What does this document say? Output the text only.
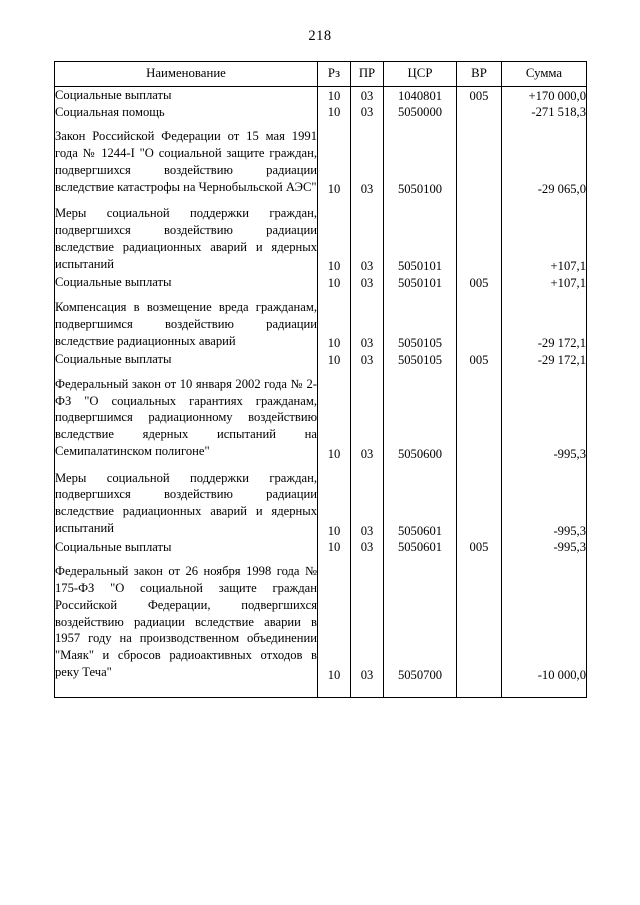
218
Наименование	Рз	ПР	ЦСР	ВР	Сумма
Социальные выплаты	10	03	1040801	005	+170 000,0
Социальная помощь	10	03	5050000		-271 518,3
Закон Российской Федерации от 15 мая 1991 года № 1244-I "О социальной защите граждан, подвергшихся воздействию радиации вследствие катастрофы на Чернобыльской АЭС"	10	03	5050100		-29 065,0
Меры социальной поддержки граждан, подвергшихся воздействию радиации вследствие радиационных аварий и ядерных испытаний	10	03	5050101		+107,1
Социальные выплаты	10	03	5050101	005	+107,1
Компенсация в возмещение вреда гражданам, подвергшимся воздействию радиации вследствие радиационных аварий	10	03	5050105		-29 172,1
Социальные выплаты	10	03	5050105	005	-29 172,1
Федеральный закон от 10 января 2002 года № 2-ФЗ "О социальных гарантиях гражданам, подвергшимся радиационному воздействию вследствие ядерных испытаний на Семипалатинском полигоне"	10	03	5050600		-995,3
Меры социальной поддержки граждан, подвергшихся воздействию радиации вследствие радиационных аварий и ядерных испытаний	10	03	5050601		-995,3
Социальные выплаты	10	03	5050601	005	-995,3
Федеральный закон от 26 ноября 1998 года № 175-ФЗ "О социальной защите граждан Российской Федерации, подвергшихся воздействию радиации вследствие аварии в 1957 году на производственном объединении "Маяк" и сбросов радиоактивных отходов в реку Теча"	10	03	5050700		-10 000,0
